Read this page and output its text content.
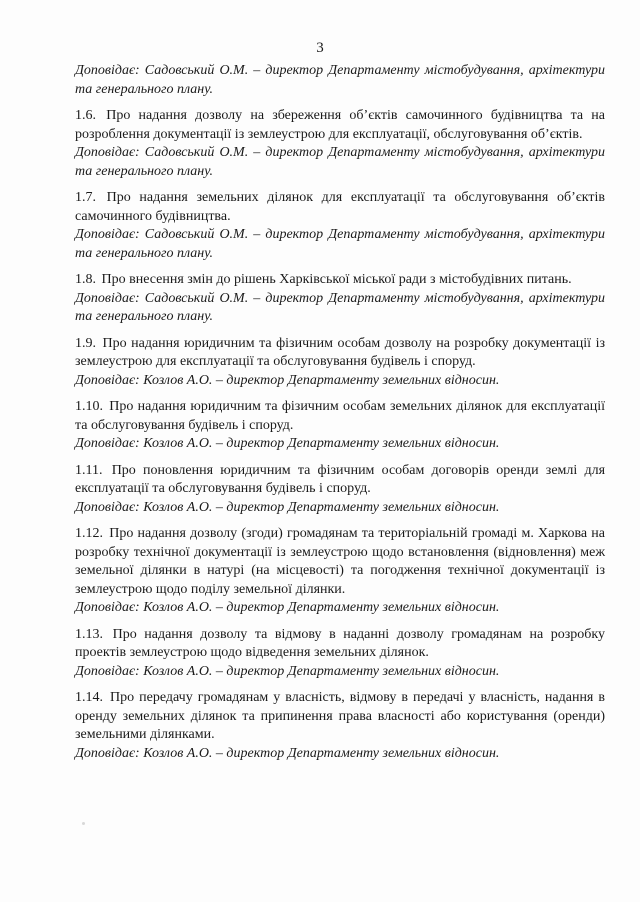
3

Доповідає: Садовський О.М. – директор Департаменту містобудування, архітектури та генерального плану.

1.6. Про надання дозволу на збереження об’єктів самочинного будівництва та на розроблення документації із землеустрою для експлуатації, обслуговування об’єктів.

Доповідає: Садовський О.М. – директор Департаменту містобудування, архітектури та генерального плану.

1.7. Про надання земельних ділянок для експлуатації та обслуговування об’єктів самочинного будівництва.

Доповідає: Садовський О.М. – директор Департаменту містобудування, архітектури та генерального плану.

1.8. Про внесення змін до рішень Харківської міської ради з містобудівних питань.

Доповідає: Садовський О.М. – директор Департаменту містобудування, архітектури та генерального плану.

1.9. Про надання юридичним та фізичним особам дозволу на розробку документації із землеустрою для експлуатації та обслуговування будівель і споруд.

Доповідає: Козлов А.О. – директор Департаменту земельних відносин.

1.10. Про надання юридичним та фізичним особам земельних ділянок для експлуатації та обслуговування будівель і споруд.

Доповідає: Козлов А.О. – директор Департаменту земельних відносин.

1.11. Про поновлення юридичним та фізичним особам договорів оренди землі для експлуатації та обслуговування будівель і споруд.

Доповідає: Козлов А.О. – директор Департаменту земельних відносин.

1.12. Про надання дозволу (згоди) громадянам та територіальній громаді м. Харкова на розробку технічної документації із землеустрою щодо встановлення (відновлення) меж земельної ділянки в натурі (на місцевості) та погодження технічної документації із землеустрою щодо поділу земельної ділянки.

Доповідає: Козлов А.О. – директор Департаменту земельних відносин.

1.13. Про надання дозволу та відмову в наданні дозволу громадянам на розробку проектів землеустрою щодо відведення земельних ділянок.

Доповідає: Козлов А.О. – директор Департаменту земельних відносин.

1.14. Про передачу громадянам у власність, відмову в передачі у власність, надання в оренду земельних ділянок та припинення права власності або користування (оренди) земельними ділянками.

Доповідає: Козлов А.О. – директор Департаменту земельних відносин.
